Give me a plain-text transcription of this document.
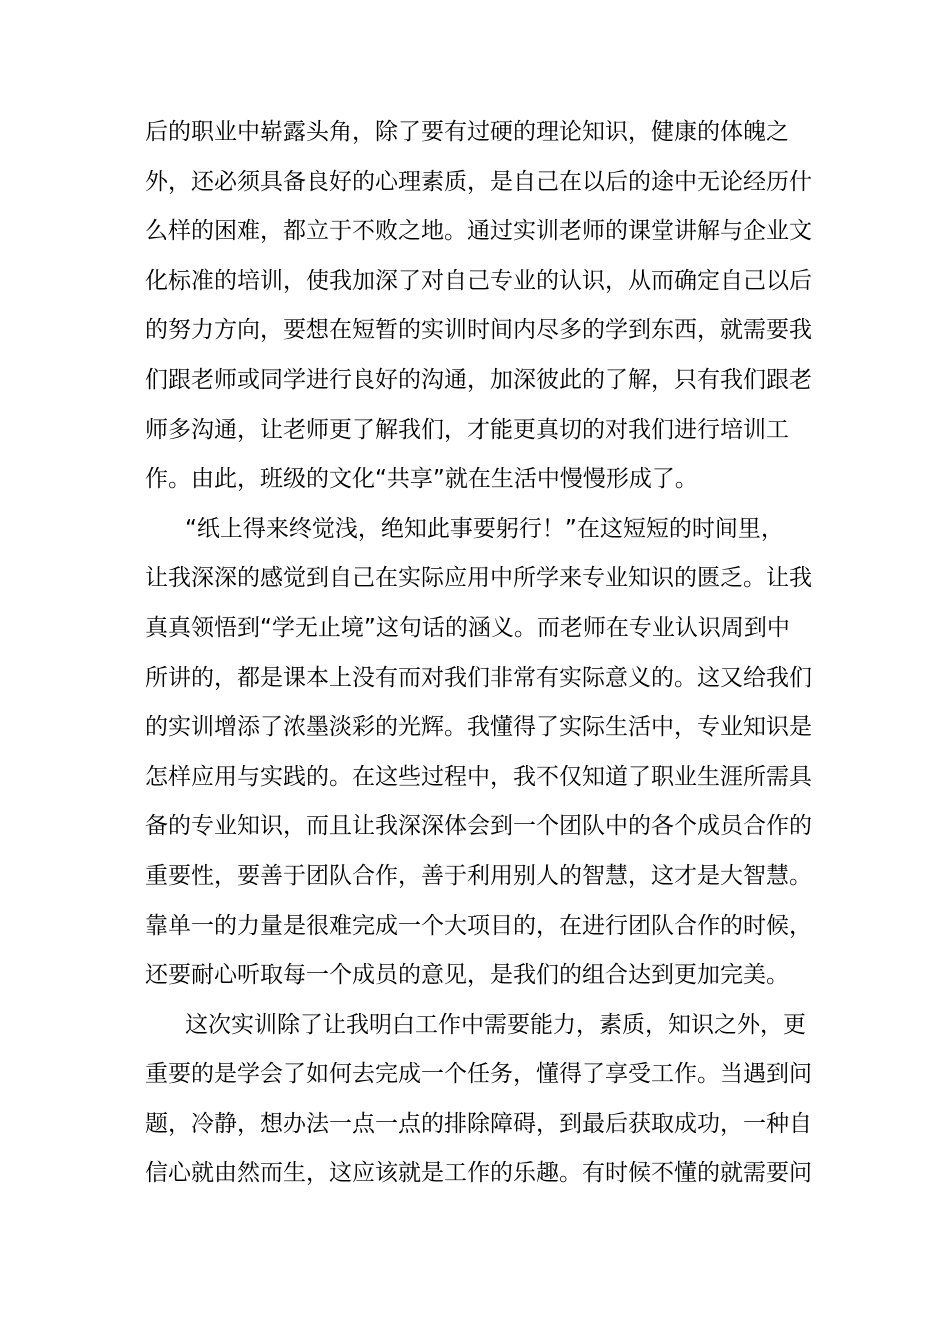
后的职业中崭露头角，除了要有过硬的理论知识，健康的体魄之
外，还必须具备良好的心理素质，是自己在以后的途中无论经历什
么样的困难，都立于不败之地。通过实训老师的课堂讲解与企业文
化标准的培训，使我加深了对自己专业的认识，从而确定自己以后
的努力方向，要想在短暂的实训时间内尽多的学到东西，就需要我
们跟老师或同学进行良好的沟通，加深彼此的了解，只有我们跟老
师多沟通，让老师更了解我们，才能更真切的对我们进行培训工
作。由此，班级的文化“共享”就在生活中慢慢形成了。
“纸上得来终觉浅，绝知此事要躬行！”在这短短的时间里，
让我深深的感觉到自己在实际应用中所学来专业知识的匮乏。让我
真真领悟到“学无止境”这句话的涵义。而老师在专业认识周到中
所讲的，都是课本上没有而对我们非常有实际意义的。这又给我们
的实训增添了浓墨淡彩的光辉。我懂得了实际生活中，专业知识是
怎样应用与实践的。在这些过程中，我不仅知道了职业生涯所需具
备的专业知识，而且让我深深体会到一个团队中的各个成员合作的
重要性，要善于团队合作，善于利用别人的智慧，这才是大智慧。
靠单一的力量是很难完成一个大项目的，在进行团队合作的时候，
还要耐心听取每一个成员的意见，是我们的组合达到更加完美。
这次实训除了让我明白工作中需要能力，素质，知识之外，更
重要的是学会了如何去完成一个任务，懂得了享受工作。当遇到问
题，冷静，想办法一点一点的排除障碍，到最后获取成功，一种自
信心就由然而生，这应该就是工作的乐趣。有时候不懂的就需要问
